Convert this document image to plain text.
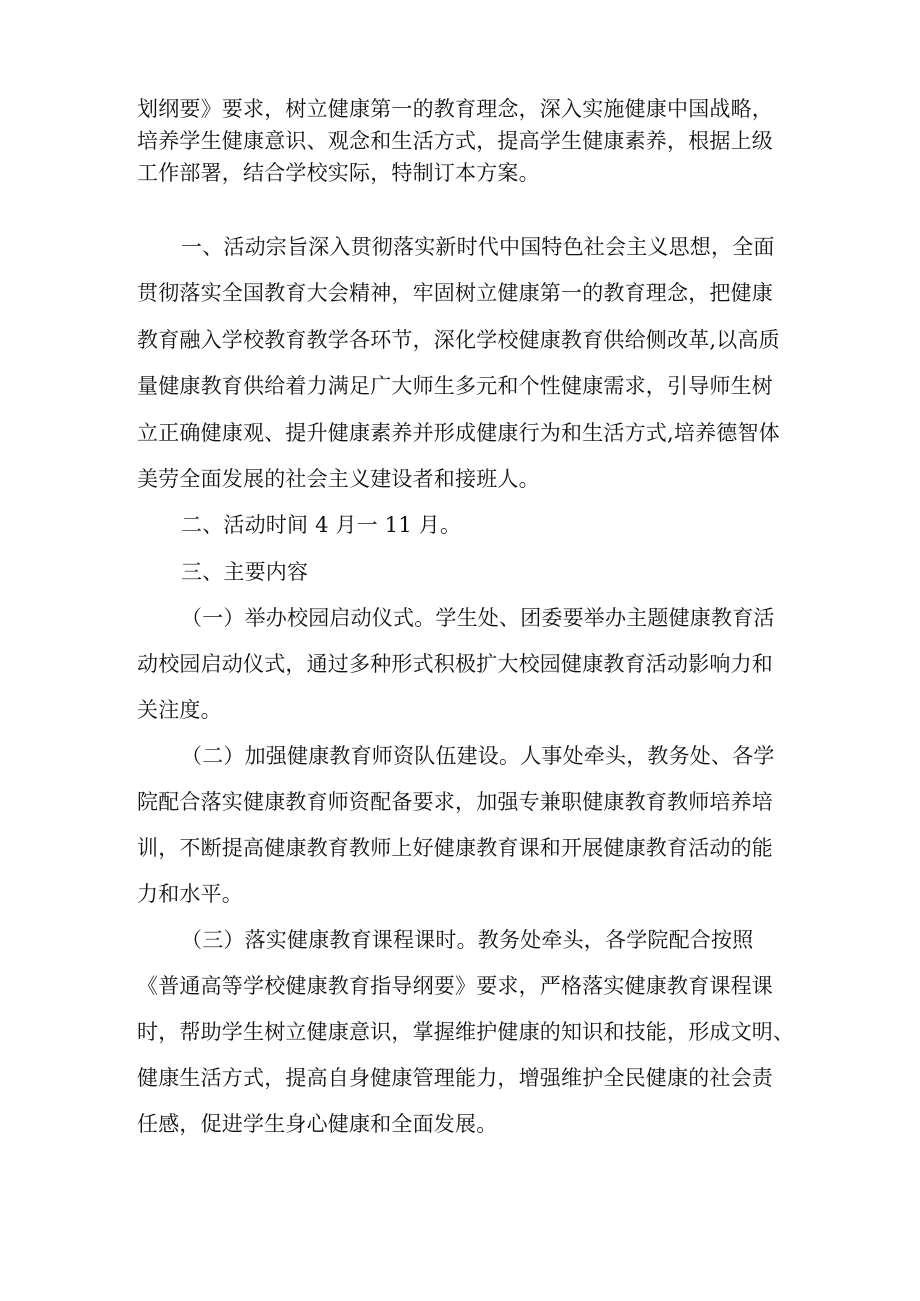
划纲要》要求，树立健康第一的教育理念，深入实施健康中国战略，
培养学生健康意识、观念和生活方式，提高学生健康素养，根据上级
工作部署，结合学校实际，特制订本方案。
一、活动宗旨深入贯彻落实新时代中国特色社会主义思想，全面
贯彻落实全国教育大会精神，牢固树立健康第一的教育理念，把健康
教育融入学校教育教学各环节，深化学校健康教育供给侧改革,以高质
量健康教育供给着力满足广大师生多元和个性健康需求，引导师生树
立正确健康观、提升健康素养并形成健康行为和生活方式,培养德智体
美劳全面发展的社会主义建设者和接班人。
二、活动时间 4 月一 11 月。
三、主要内容
（一）举办校园启动仪式。学生处、团委要举办主题健康教育活
动校园启动仪式，通过多种形式积极扩大校园健康教育活动影响力和
关注度。
（二）加强健康教育师资队伍建设。人事处牵头，教务处、各学
院配合落实健康教育师资配备要求，加强专兼职健康教育教师培养培
训，不断提高健康教育教师上好健康教育课和开展健康教育活动的能
力和水平。
（三）落实健康教育课程课时。教务处牵头，各学院配合按照
《普通高等学校健康教育指导纲要》要求，严格落实健康教育课程课
时，帮助学生树立健康意识，掌握维护健康的知识和技能，形成文明、
健康生活方式，提高自身健康管理能力，增强维护全民健康的社会责
任感，促进学生身心健康和全面发展。
